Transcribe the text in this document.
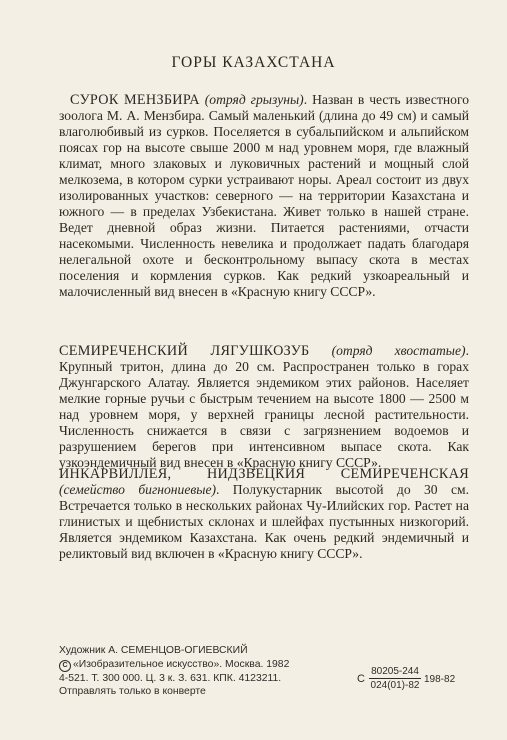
ГОРЫ КАЗАХСТАНА
СУРОК МЕНЗБИРА (отряд грызуны). Назван в честь известного зоолога М. А. Мензбира. Самый маленький (длина до 49 см) и самый влаголюбивый из сурков. Поселяется в субальпийском и альпийском поясах гор на высоте свыше 2000 м над уровнем моря, где влажный климат, много злаковых и луковичных растений и мощный слой мелкозема, в котором сурки устраивают норы. Ареал состоит из двух изолированных участков: северного — на территории Казахстана и южного — в пределах Узбекистана. Живет только в нашей стране. Ведет дневной образ жизни. Питается растениями, отчасти насекомыми. Численность невелика и продолжает падать благодаря нелегальной охоте и бесконтрольному выпасу скота в местах поселения и кормления сурков. Как редкий узкоареальный и малочисленный вид внесен в «Красную книгу СССР».
СЕМИРЕЧЕНСКИЙ ЛЯГУШКОЗУБ (отряд хвостатые). Крупный тритон, длина до 20 см. Распространен только в горах Джунгарского Алатау. Является эндемиком этих районов. Населяет мелкие горные ручьи с быстрым течением на высоте 1800 — 2500 м над уровнем моря, у верхней границы лесной растительности. Численность снижается в связи с загрязнением водоемов и разрушением берегов при интенсивном выпасе скота. Как узкоэндемичный вид внесен в «Красную книгу СССР».
ИНКАРВИЛЛЕЯ, НИДЗВЕЦКИЯ СЕМИРЕЧЕНСКАЯ (семейство бигнониевые). Полукустарник высотой до 30 см. Встречается только в нескольких районах Чу-Илийских гор. Растет на глинистых и щебнистых склонах и шлейфах пустынных низкогорий. Является эндемиком Казахстана. Как очень редкий эндемичный и реликтовый вид включен в «Красную книгу СССР».
Художник А. СЕМЕНЦОВ-ОГИЕВСКИЙ
С «Изобразительное искусство». Москва. 1982
4-521. Т. 300 000. Ц. 3 к. З. 631. КПК. 4123211.
Отправлять только в конверте
С $\frac{80205-244}{024(01)-82} 198-82$
